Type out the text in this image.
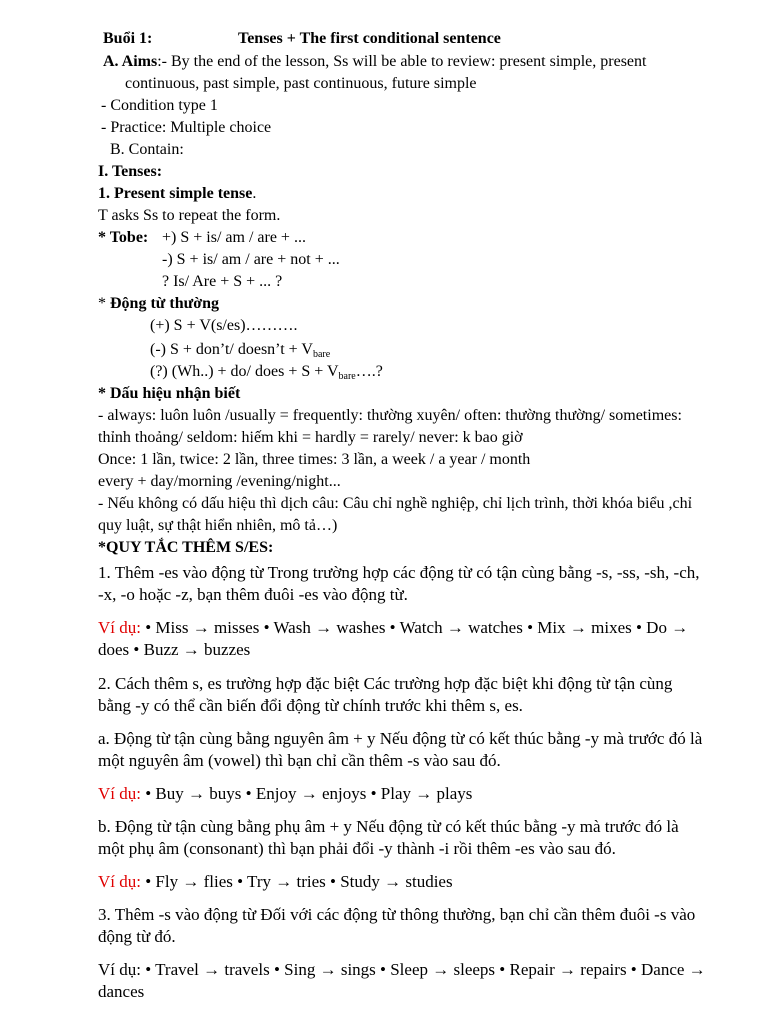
Buổi 1:	Tenses + The first conditional sentence
A. Aims:- By the end of the lesson, Ss will be able to review: present simple, present
continuous, past simple, past continuous, future simple
- Condition type 1
- Practice: Multiple choice
B. Contain:
I. Tenses:
1. Present simple tense.
T asks Ss to repeat the form.
* Tobe: +) S + is/ am / are + ...
-) S + is/ am / are + not + ...
? Is/ Are + S + ... ?
* Động từ thường
(+) S + V(s/es)……….
(-) S + don’t/ doesn’t + $V_{bare}$
(?) (Wh..) + do/ does + $S + V_{bare}\dots$.?
* Dấu hiệu nhận biết
- always: luôn luôn /usually = frequently: thường xuyên/ often: thường thường/ sometimes:
thỉnh thoảng/ seldom: hiếm khi = hardly = rarely/ never: k bao giờ
Once: 1 lần, twice: 2 lần, three times: 3 lần, a week / a year / month
every + day/morning /evening/night...
- Nếu không có dấu hiệu thì dịch câu: Câu chỉ nghề nghiệp, chỉ lịch trình, thời khóa biểu ,chỉ
quy luật, sự thật hiển nhiên, mô tả…)
*QUY TẮC THÊM S/ES:
1. Thêm -es vào động từ Trong trường hợp các động từ có tận cùng bằng -s, -ss, -sh, -ch,
-x, -o hoặc -z, bạn thêm đuôi -es vào động từ.
Ví dụ: • Miss → misses • Wash → washes • Watch → watches • Mix → mixes • Do →
does • Buzz → buzzes
2. Cách thêm s, es trường hợp đặc biệt Các trường hợp đặc biệt khi động từ tận cùng
bằng -y có thể cần biến đổi động từ chính trước khi thêm s, es.
a. Động từ tận cùng bằng nguyên âm + y Nếu động từ có kết thúc bằng -y mà trước đó là
một nguyên âm (vowel) thì bạn chỉ cần thêm -s vào sau đó.
Ví dụ: • Buy → buys • Enjoy → enjoys • Play → plays
b. Động từ tận cùng bằng phụ âm + y Nếu động từ có kết thúc bằng -y mà trước đó là
một phụ âm (consonant) thì bạn phải đổi -y thành -i rồi thêm -es vào sau đó.
Ví dụ: • Fly → flies • Try → tries • Study → studies
3. Thêm -s vào động từ Đối với các động từ thông thường, bạn chỉ cần thêm đuôi -s vào
động từ đó.
Ví dụ: • Travel → travels • Sing → sings • Sleep → sleeps • Repair → repairs • Dance →
dances
